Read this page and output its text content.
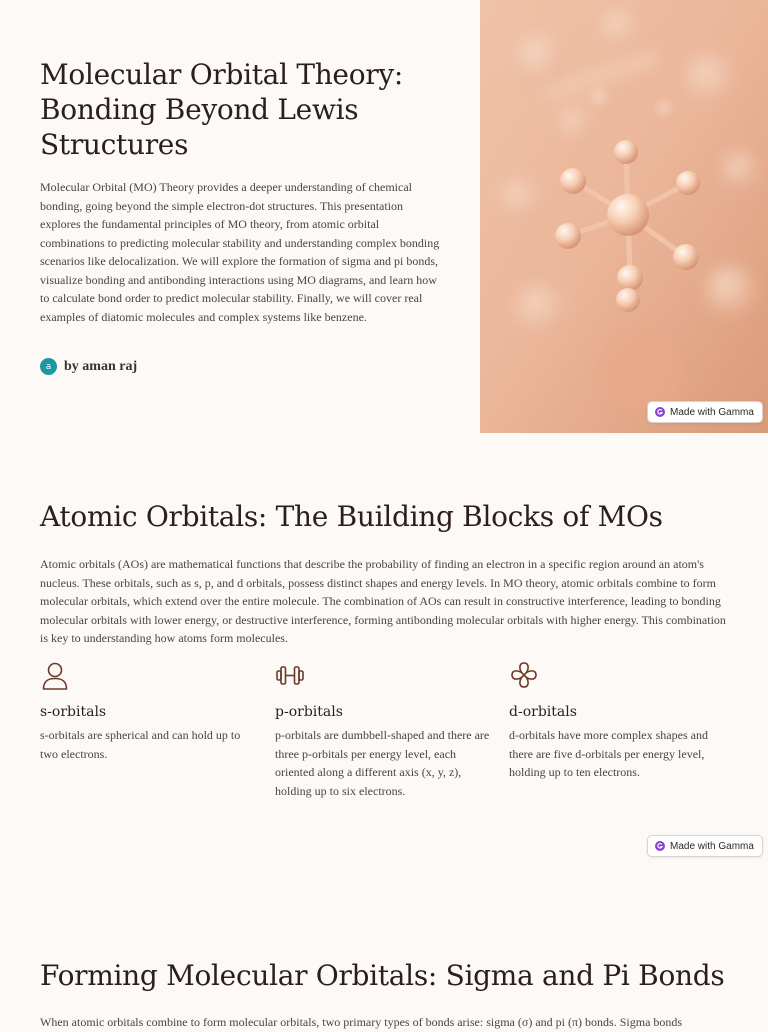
Molecular Orbital Theory: Bonding Beyond Lewis Structures

Molecular Orbital (MO) Theory provides a deeper understanding of chemical bonding, going beyond the simple electron-dot structures. This presentation explores the fundamental principles of MO theory, from atomic orbital combinations to predicting molecular stability and understanding complex bonding scenarios like delocalization. We will explore the formation of sigma and pi bonds, visualize bonding and antibonding interactions using MO diagrams, and learn how to calculate bond order to predict molecular stability. Finally, we will cover real examples of diatomic molecules and complex systems like benzene.

a by aman raj
Made with Gamma
Atomic Orbitals: The Building Blocks of MOs

Atomic orbitals (AOs) are mathematical functions that describe the probability of finding an electron in a specific region around an atom's nucleus. These orbitals, such as s, p, and d orbitals, possess distinct shapes and energy levels. In MO theory, atomic orbitals combine to form molecular orbitals, which extend over the entire molecule. The combination of AOs can result in constructive interference, leading to bonding molecular orbitals with lower energy, or destructive interference, forming antibonding molecular orbitals with higher energy. This combination is key to understanding how atoms form molecules.

s-orbitals

s-orbitals are spherical and can hold up to two electrons.

p-orbitals

p-orbitals are dumbbell-shaped and there are three p-orbitals per energy level, each oriented along a different axis (x, y, z), holding up to six electrons.

d-orbitals

d-orbitals have more complex shapes and there are five d-orbitals per energy level, holding up to ten electrons.

Made with Gamma
Forming Molecular Orbitals: Sigma and Pi Bonds

When atomic orbitals combine to form molecular orbitals, two primary types of bonds arise: sigma (σ) and pi (π) bonds. Sigma bonds
